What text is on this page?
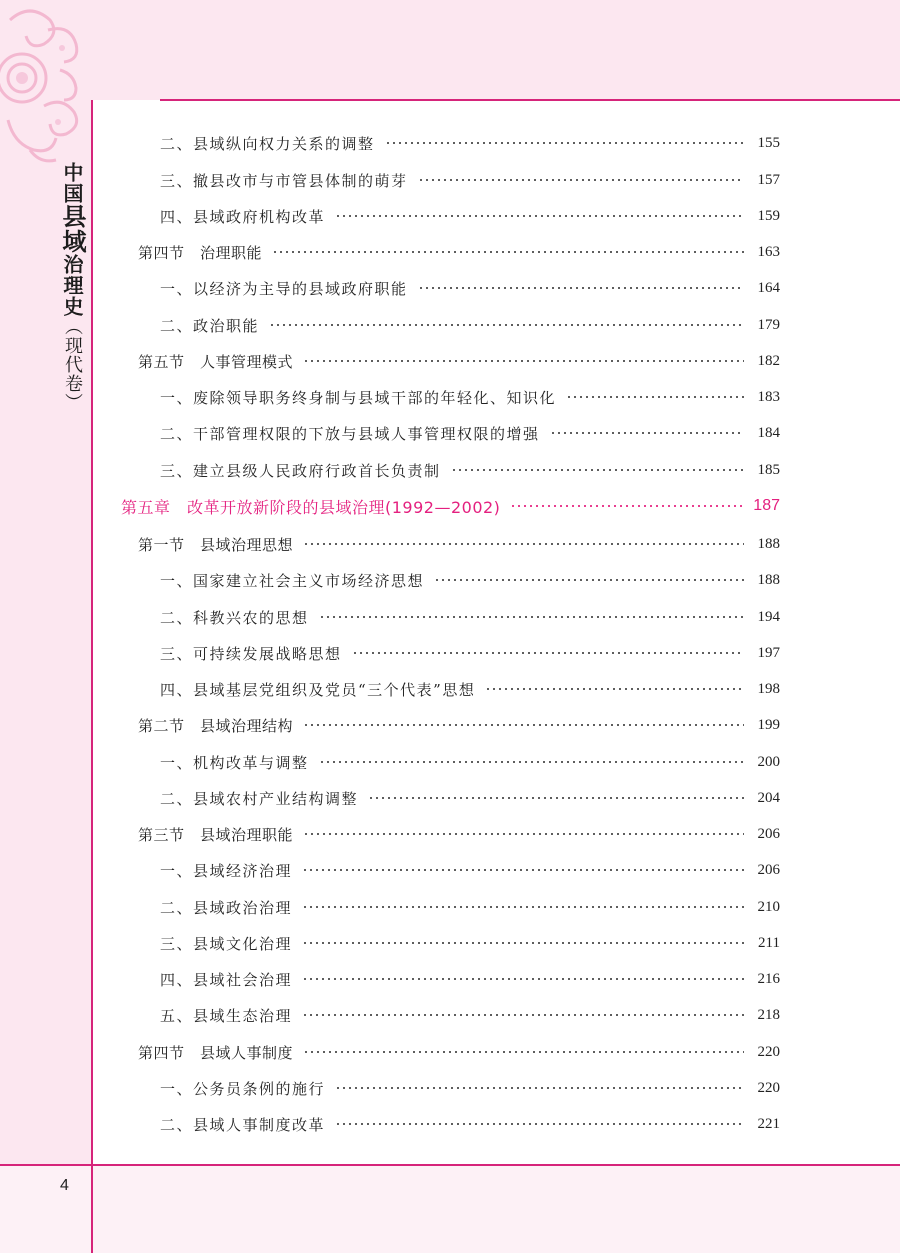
中国县域治理史（现代卷）
4
二、县域纵向权力关系的调整	155
三、撤县改市与市管县体制的萌芽	157
四、县域政府机构改革	159
第四节　治理职能	163
一、以经济为主导的县域政府职能	164
二、政治职能	179
第五节　人事管理模式	182
一、废除领导职务终身制与县域干部的年轻化、知识化	183
二、干部管理权限的下放与县域人事管理权限的增强	184
三、建立县级人民政府行政首长负责制	185
第五章　改革开放新阶段的县域治理(1992—2002)	187
第一节　县域治理思想	188
一、国家建立社会主义市场经济思想	188
二、科教兴农的思想	194
三、可持续发展战略思想	197
四、县域基层党组织及党员“三个代表”思想	198
第二节　县域治理结构	199
一、机构改革与调整	200
二、县域农村产业结构调整	204
第三节　县域治理职能	206
一、县域经济治理	206
二、县域政治治理	210
三、县域文化治理	211
四、县域社会治理	216
五、县域生态治理	218
第四节　县域人事制度	220
一、公务员条例的施行	220
二、县域人事制度改革	221
